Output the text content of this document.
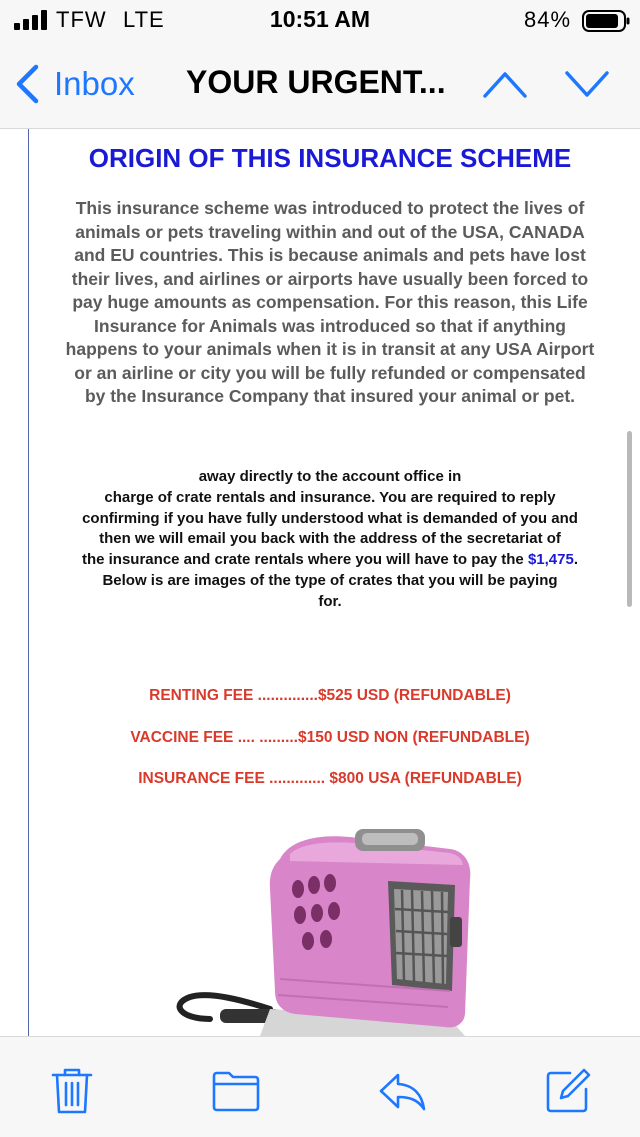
TFW LTE	10:51 AM	84%
Inbox YOUR URGENT...
ORIGIN OF THIS INSURANCE SCHEME
This insurance scheme was introduced to protect the lives of
animals or pets traveling within and out of the USA, CANADA
and EU countries. This is because animals and pets have lost
their lives, and airlines or airports have usually been forced to
pay huge amounts as compensation. For this reason, this Life
Insurance for Animals was introduced so that if anything
happens to your animals when it is in transit at any USA Airport
or an airline or city you will be fully refunded or compensated
by the Insurance Company that insured your animal or pet.
away directly to the account office in
charge of crate rentals and insurance. You are required to reply
confirming if you have fully understood what is demanded of you and
then we will email you back with the address of the secretariat of
the insurance and crate rentals where you will have to pay the $1,475.
Below is are images of the type of crates that you will be paying
for.
RENTING FEE ..............$525 USD (REFUNDABLE)
VACCINE FEE .... .........$150 USD NON (REFUNDABLE)
INSURANCE FEE ............. $800 USA (REFUNDABLE)
